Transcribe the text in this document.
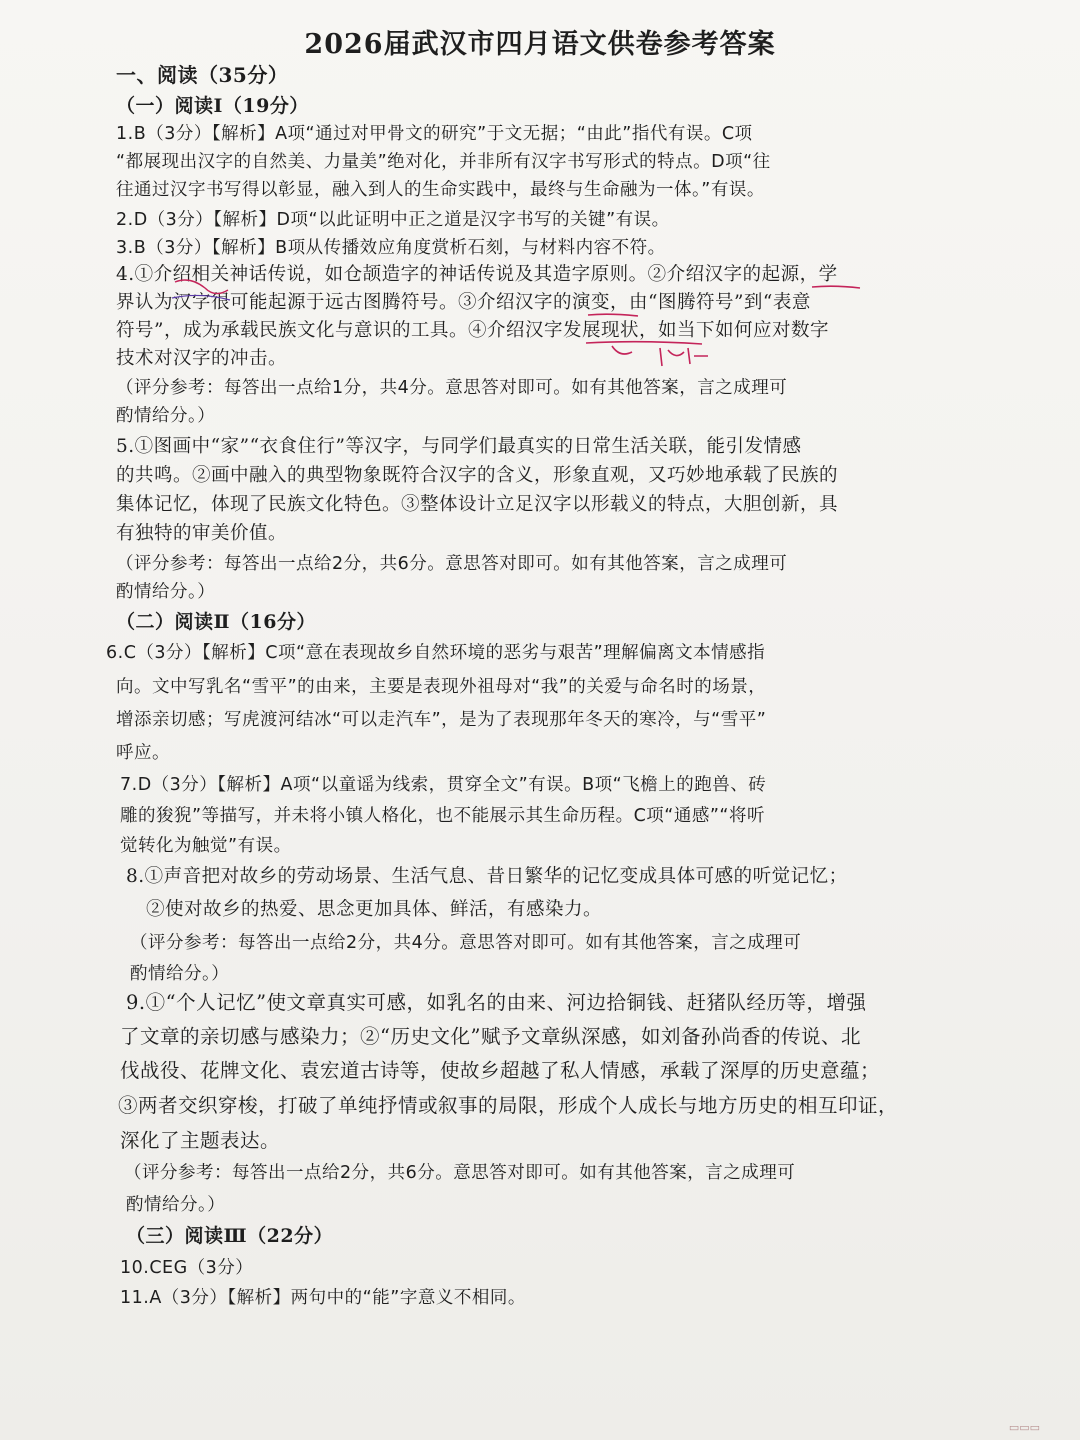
2026届武汉市四月语文供卷参考答案
一、阅读（35分）
（一）阅读Ⅰ（19分）
1.B（3分）【解析】A项“通过对甲骨文的研究”于文无据；“由此”指代有误。C项
“都展现出汉字的自然美、力量美”绝对化，并非所有汉字书写形式的特点。D项“往
往通过汉字书写得以彰显，融入到人的生命实践中，最终与生命融为一体。”有误。
2.D（3分）【解析】D项“以此证明中正之道是汉字书写的关键”有误。
3.B（3分）【解析】B项从传播效应角度赏析石刻，与材料内容不符。
4.①介绍相关神话传说，如仓颉造字的神话传说及其造字原则。②介绍汉字的起源，学
界认为汉字很可能起源于远古图腾符号。③介绍汉字的演变，由“图腾符号”到“表意
符号”，成为承载民族文化与意识的工具。④介绍汉字发展现状，如当下如何应对数字
技术对汉字的冲击。
（评分参考：每答出一点给1分，共4分。意思答对即可。如有其他答案，言之成理可
酌情给分。）
5.①图画中“家”“衣食住行”等汉字，与同学们最真实的日常生活关联，能引发情感
的共鸣。②画中融入的典型物象既符合汉字的含义，形象直观，又巧妙地承载了民族的
集体记忆，体现了民族文化特色。③整体设计立足汉字以形载义的特点，大胆创新，具
有独特的审美价值。
（评分参考：每答出一点给2分，共6分。意思答对即可。如有其他答案，言之成理可
酌情给分。）
（二）阅读Ⅱ（16分）
6.C（3分）【解析】C项“意在表现故乡自然环境的恶劣与艰苦”理解偏离文本情感指
向。文中写乳名“雪平”的由来，主要是表现外祖母对“我”的关爱与命名时的场景，
增添亲切感；写虎渡河结冰“可以走汽车”，是为了表现那年冬天的寒冷，与“雪平”
呼应。
7.D（3分）【解析】A项“以童谣为线索，贯穿全文”有误。B项“飞檐上的跑兽、砖
雕的狻猊”等描写，并未将小镇人格化，也不能展示其生命历程。C项“通感”“将听
觉转化为触觉”有误。
8.①声音把对故乡的劳动场景、生活气息、昔日繁华的记忆变成具体可感的听觉记忆；
②使对故乡的热爱、思念更加具体、鲜活，有感染力。
（评分参考：每答出一点给2分，共4分。意思答对即可。如有其他答案，言之成理可
酌情给分。）
9.①“个人记忆”使文章真实可感，如乳名的由来、河边拾铜钱、赶猪队经历等，增强
了文章的亲切感与感染力；②“历史文化”赋予文章纵深感，如刘备孙尚香的传说、北
伐战役、花牌文化、袁宏道古诗等，使故乡超越了私人情感，承载了深厚的历史意蕴；
③两者交织穿梭，打破了单纯抒情或叙事的局限，形成个人成长与地方历史的相互印证，
深化了主题表达。
（评分参考：每答出一点给2分，共6分。意思答对即可。如有其他答案，言之成理可
酌情给分。）
（三）阅读Ⅲ（22分）
10.CEG（3分）
11.A（3分）【解析】两句中的“能”字意义不相同。
▭▭▭
